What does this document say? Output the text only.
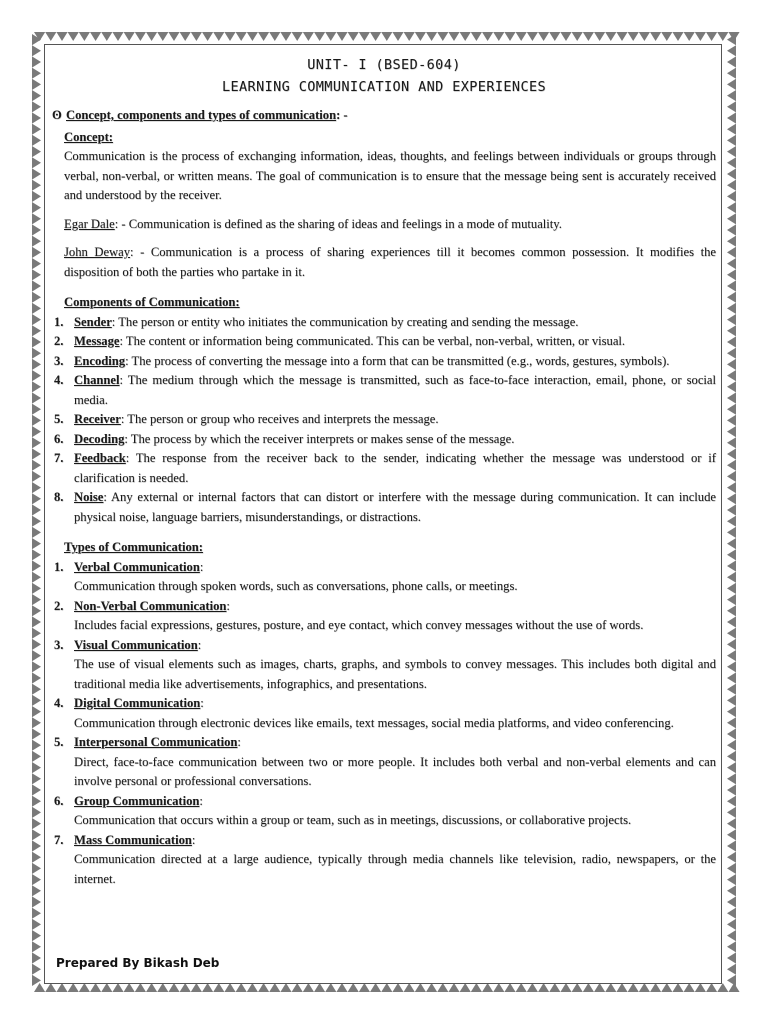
UNIT- I (BSED-604)
LEARNING COMMUNICATION AND EXPERIENCES
ʘ Concept, components and types of communication: -
Concept:

Communication is the process of exchanging information, ideas, thoughts, and feelings between individuals or groups through verbal, non-verbal, or written means. The goal of communication is to ensure that the message being sent is accurately received and understood by the receiver.

Egar Dale: - Communication is defined as the sharing of ideas and feelings in a mode of mutuality.

John Deway: - Communication is a process of sharing experiences till it becomes common possession. It modifies the disposition of both the parties who partake in it.

Components of Communication:
1. Sender: The person or entity who initiates the communication by creating and sending the message.
2. Message: The content or information being communicated. This can be verbal, non-verbal, written, or visual.
3. Encoding: The process of converting the message into a form that can be transmitted (e.g., words, gestures, symbols).
4. Channel: The medium through which the message is transmitted, such as face-to-face interaction, email, phone, or social media.
5. Receiver: The person or group who receives and interprets the message.
6. Decoding: The process by which the receiver interprets or makes sense of the message.
7. Feedback: The response from the receiver back to the sender, indicating whether the message was understood or if clarification is needed.
8. Noise: Any external or internal factors that can distort or interfere with the message during communication. It can include physical noise, language barriers, misunderstandings, or distractions.
Types of Communication:
1. Verbal Communication:
Communication through spoken words, such as conversations, phone calls, or meetings.
2. Non-Verbal Communication:
Includes facial expressions, gestures, posture, and eye contact, which convey messages without the use of words.
3. Visual Communication:
The use of visual elements such as images, charts, graphs, and symbols to convey messages. This includes both digital and traditional media like advertisements, infographics, and presentations.
4. Digital Communication:
Communication through electronic devices like emails, text messages, social media platforms, and video conferencing.
5. Interpersonal Communication:
Direct, face-to-face communication between two or more people. It includes both verbal and non-verbal elements and can involve personal or professional conversations.
6. Group Communication:
Communication that occurs within a group or team, such as in meetings, discussions, or collaborative projects.
7. Mass Communication:
Communication directed at a large audience, typically through media channels like television, radio, newspapers, or the internet.
Prepared By Bikash Deb
